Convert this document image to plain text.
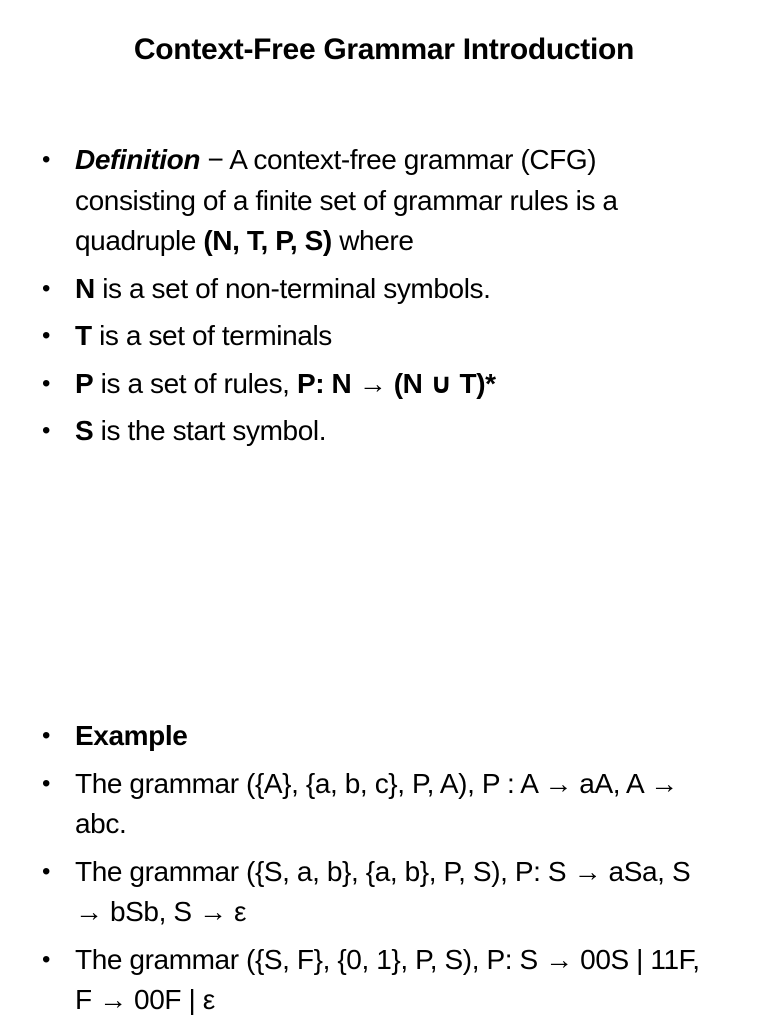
Context-Free Grammar Introduction
• Definition − A context-free grammar (CFG) consisting of a finite set of grammar rules is a quadruple (N, T, P, S) where
• N is a set of non-terminal symbols.
• T is a set of terminals
• P is a set of rules, P: N → (N ∪ T)*
• S is the start symbol.
• Example
• The grammar ({A}, {a, b, c}, P, A), P : A → aA, A → abc.
• The grammar ({S, a, b}, {a, b}, P, S), P: S → aSa, S → bSb, S → ε
• The grammar ({S, F}, {0, 1}, P, S), P: S → 00S | 11F, F → 00F | ε
